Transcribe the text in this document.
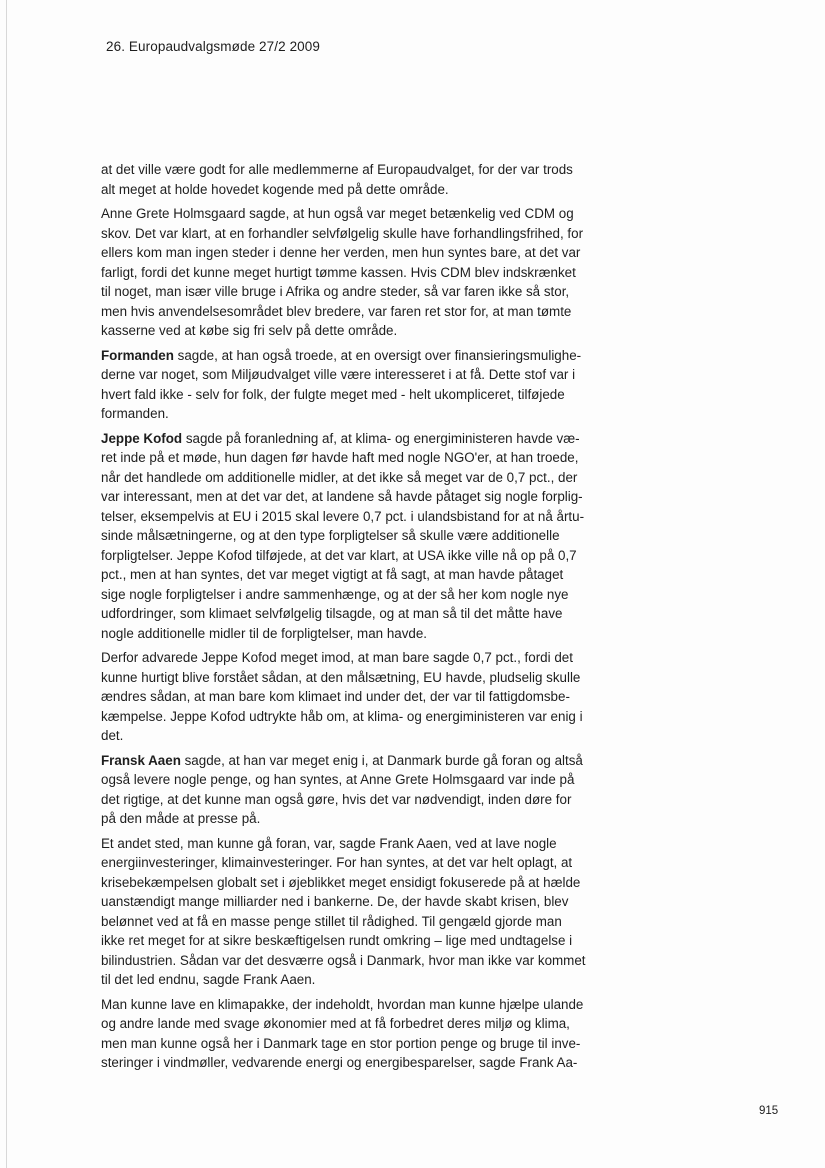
26. Europaudvalgsmøde 27/2 2009

at det ville være godt for alle medlemmerne af Europaudvalget, for der var trods
alt meget at holde hovedet kogende med på dette område.

Anne Grete Holmsgaard sagde, at hun også var meget betænkelig ved CDM og
skov. Det var klart, at en forhandler selvfølgelig skulle have forhandlingsfrihed, for
ellers kom man ingen steder i denne her verden, men hun syntes bare, at det var
farligt, fordi det kunne meget hurtigt tømme kassen. Hvis CDM blev indskrænket
til noget, man især ville bruge i Afrika og andre steder, så var faren ikke så stor,
men hvis anvendelsesområdet blev bredere, var faren ret stor for, at man tømte
kasserne ved at købe sig fri selv på dette område.

Formanden sagde, at han også troede, at en oversigt over finansieringsmulighe-
derne var noget, som Miljøudvalget ville være interesseret i at få. Dette stof var i
hvert fald ikke - selv for folk, der fulgte meget med - helt ukompliceret, tilføjede
formanden.

Jeppe Kofod sagde på foranledning af, at klima- og energiministeren havde væ-
ret inde på et møde, hun dagen før havde haft med nogle NGO'er, at han troede,
når det handlede om additionelle midler, at det ikke så meget var de 0,7 pct., der
var interessant, men at det var det, at landene så havde påtaget sig nogle forplig-
telser, eksempelvis at EU i 2015 skal levere 0,7 pct. i ulandsbistand for at nå årtu-
sinde målsætningerne, og at den type forpligtelser så skulle være additionelle
forpligtelser. Jeppe Kofod tilføjede, at det var klart, at USA ikke ville nå op på 0,7
pct., men at han syntes, det var meget vigtigt at få sagt, at man havde påtaget
sige nogle forpligtelser i andre sammenhænge, og at der så her kom nogle nye
udfordringer, som klimaet selvfølgelig tilsagde, og at man så til det måtte have
nogle additionelle midler til de forpligtelser, man havde.

Derfor advarede Jeppe Kofod meget imod, at man bare sagde 0,7 pct., fordi det
kunne hurtigt blive forstået sådan, at den målsætning, EU havde, pludselig skulle
ændres sådan, at man bare kom klimaet ind under det, der var til fattigdomsbe-
kæmpelse. Jeppe Kofod udtrykte håb om, at klima- og energiministeren var enig i
det.

Fransk Aaen sagde, at han var meget enig i, at Danmark burde gå foran og altså
også levere nogle penge, og han syntes, at Anne Grete Holmsgaard var inde på
det rigtige, at det kunne man også gøre, hvis det var nødvendigt, inden døre for
på den måde at presse på.

Et andet sted, man kunne gå foran, var, sagde Frank Aaen, ved at lave nogle
energiinvesteringer, klimainvesteringer. For han syntes, at det var helt oplagt, at
krisebekæmpelsen globalt set i øjeblikket meget ensidigt fokuserede på at hælde
uanstændigt mange milliarder ned i bankerne. De, der havde skabt krisen, blev
belønnet ved at få en masse penge stillet til rådighed. Til gengæld gjorde man
ikke ret meget for at sikre beskæftigelsen rundt omkring – lige med undtagelse i
bilindustrien. Sådan var det desværre også i Danmark, hvor man ikke var kommet
til det led endnu, sagde Frank Aaen.

Man kunne lave en klimapakke, der indeholdt, hvordan man kunne hjælpe ulande
og andre lande med svage økonomier med at få forbedret deres miljø og klima,
men man kunne også her i Danmark tage en stor portion penge og bruge til inve-
steringer i vindmøller, vedvarende energi og energibesparelser, sagde Frank Aa-

915
